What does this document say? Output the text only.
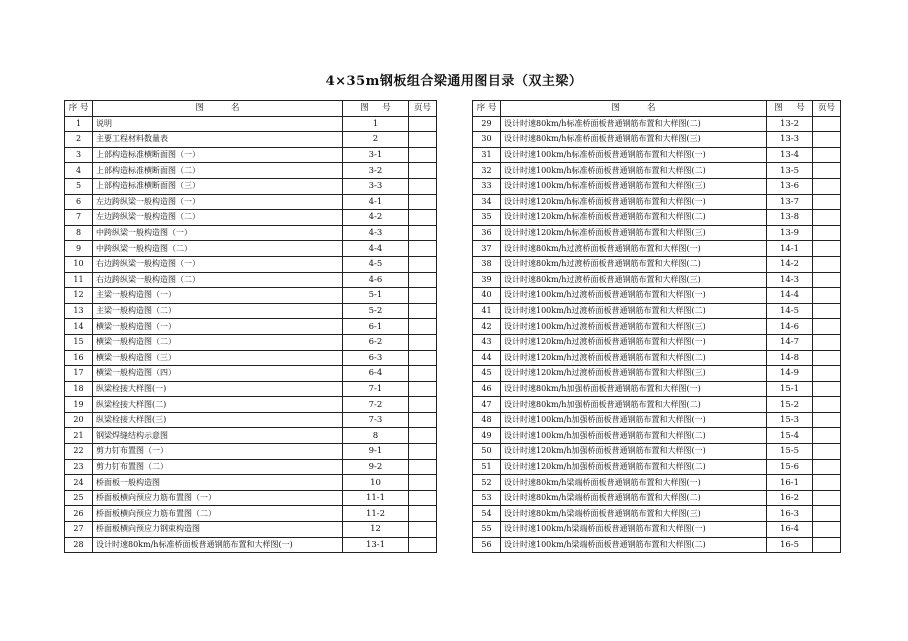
4×35m钢板组合梁通用图目录（双主梁）
序 号	图          名	图     号	页号
1	说明	1	
2	主要工程材料数量表	2	
3	上部构造标准横断面图（一）	3-1	
4	上部构造标准横断面图（二）	3-2	
5	上部构造标准横断面图（三）	3-3	
6	左边跨纵梁一般构造图（一）	4-1	
7	左边跨纵梁一般构造图（二）	4-2	
8	中跨纵梁一般构造图（一）	4-3	
9	中跨纵梁一般构造图（二）	4-4	
10	右边跨纵梁一般构造图（一）	4-5	
11	右边跨纵梁一般构造图（二）	4-6	
12	主梁一般构造图（一）	5-1	
13	主梁一般构造图（二）	5-2	
14	横梁一般构造图（一）	6-1	
15	横梁一般构造图（二）	6-2	
16	横梁一般构造图（三）	6-3	
17	横梁一般构造图（四）	6-4	
18	纵梁栓接大样图(一)	7-1	
19	纵梁栓接大样图(二)	7-2	
20	纵梁栓接大样图(三)	7-3	
21	钢梁焊缝结构示意图	8	
22	剪力钉布置图（一）	9-1	
23	剪力钉布置图（二）	9-2	
24	桥面板一般构造图	10	
25	桥面板横向预应力筋布置图（一）	11-1	
26	桥面板横向预应力筋布置图（二）	11-2	
27	桥面板横向预应力钢束构造图	12	
28	设计时速80km/h标准桥面板普通钢筋布置和大样图(一)	13-1	
序 号	图          名	图     号	页号
29	设计时速80km/h标准桥面板普通钢筋布置和大样图(二)	13-2	
30	设计时速80km/h标准桥面板普通钢筋布置和大样图(三)	13-3	
31	设计时速100km/h标准桥面板普通钢筋布置和大样图(一)	13-4	
32	设计时速100km/h标准桥面板普通钢筋布置和大样图(二)	13-5	
33	设计时速100km/h标准桥面板普通钢筋布置和大样图(三)	13-6	
34	设计时速120km/h标准桥面板普通钢筋布置和大样图(一)	13-7	
35	设计时速120km/h标准桥面板普通钢筋布置和大样图(二)	13-8	
36	设计时速120km/h标准桥面板普通钢筋布置和大样图(三)	13-9	
37	设计时速80km/h过渡桥面板普通钢筋布置和大样图(一)	14-1	
38	设计时速80km/h过渡桥面板普通钢筋布置和大样图(二)	14-2	
39	设计时速80km/h过渡桥面板普通钢筋布置和大样图(三)	14-3	
40	设计时速100km/h过渡桥面板普通钢筋布置和大样图(一)	14-4	
41	设计时速100km/h过渡桥面板普通钢筋布置和大样图(二)	14-5	
42	设计时速100km/h过渡桥面板普通钢筋布置和大样图(三)	14-6	
43	设计时速120km/h过渡桥面板普通钢筋布置和大样图(一)	14-7	
44	设计时速120km/h过渡桥面板普通钢筋布置和大样图(二)	14-8	
45	设计时速120km/h过渡桥面板普通钢筋布置和大样图(三)	14-9	
46	设计时速80km/h加强桥面板普通钢筋布置和大样图(一)	15-1	
47	设计时速80km/h加强桥面板普通钢筋布置和大样图(二)	15-2	
48	设计时速100km/h加强桥面板普通钢筋布置和大样图(一)	15-3	
49	设计时速100km/h加强桥面板普通钢筋布置和大样图(二)	15-4	
50	设计时速120km/h加强桥面板普通钢筋布置和大样图(一)	15-5	
51	设计时速120km/h加强桥面板普通钢筋布置和大样图(二)	15-6	
52	设计时速80km/h梁端桥面板普通钢筋布置和大样图(一)	16-1	
53	设计时速80km/h梁端桥面板普通钢筋布置和大样图(二)	16-2	
54	设计时速80km/h梁端桥面板普通钢筋布置和大样图(三)	16-3	
55	设计时速100km/h梁端桥面板普通钢筋布置和大样图(一)	16-4	
56	设计时速100km/h梁端桥面板普通钢筋布置和大样图(二)	16-5	
